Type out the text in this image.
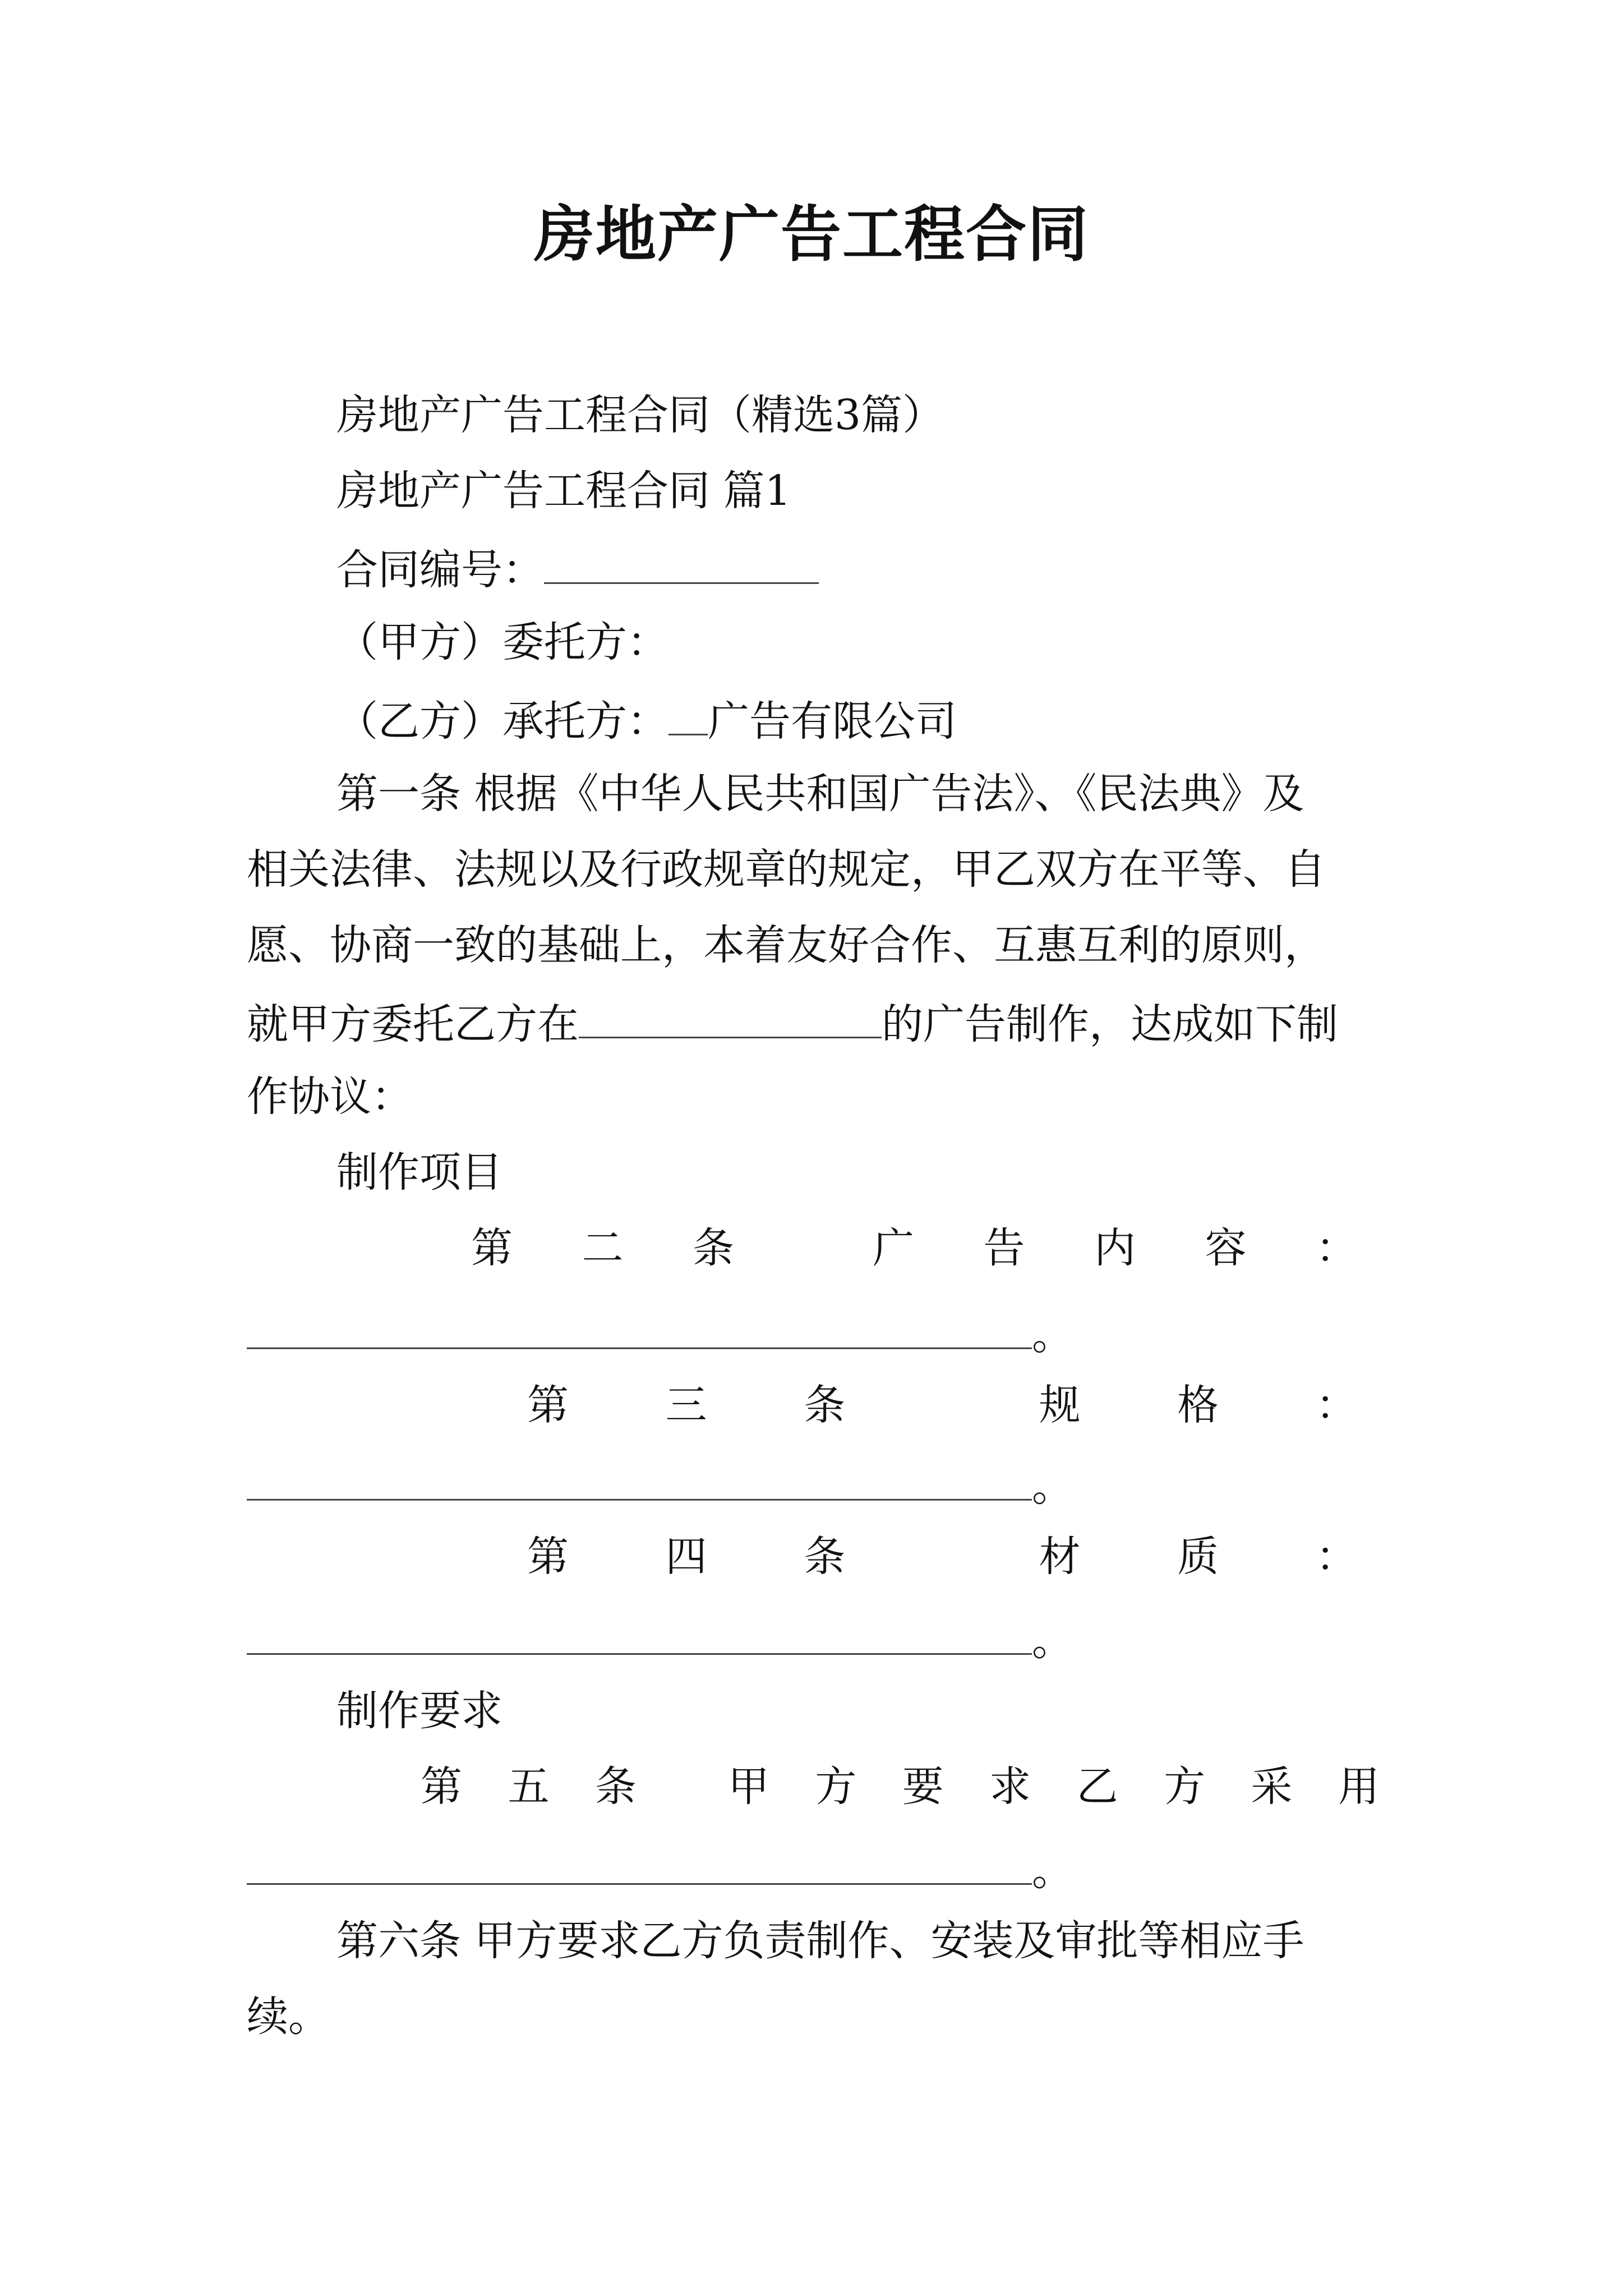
房地产广告工程合同
房地产广告工程合同（精选3篇）
房地产广告工程合同 篇1
合同编号：
（甲方）委托方：
（乙方）承托方： 广告有限公司
第一条 根据《中华人民共和国广告法》、《民法典》及
相关法律、法规以及行政规章的规定，甲乙双方在平等、自
愿、协商一致的基础上，本着友好合作、互惠互利的原则，
就甲方委托乙方在	的广告制作，达成如下制
作协议：
制作项目
第 二 条	广 告 内 容 ：
。
第 三 条	规 格 ：
。
第 四 条	材 质 ：
。
制作要求
第 五 条 甲 方 要 求 乙 方 采 用
。
第六条 甲方要求乙方负责制作、安装及审批等相应手
续。
